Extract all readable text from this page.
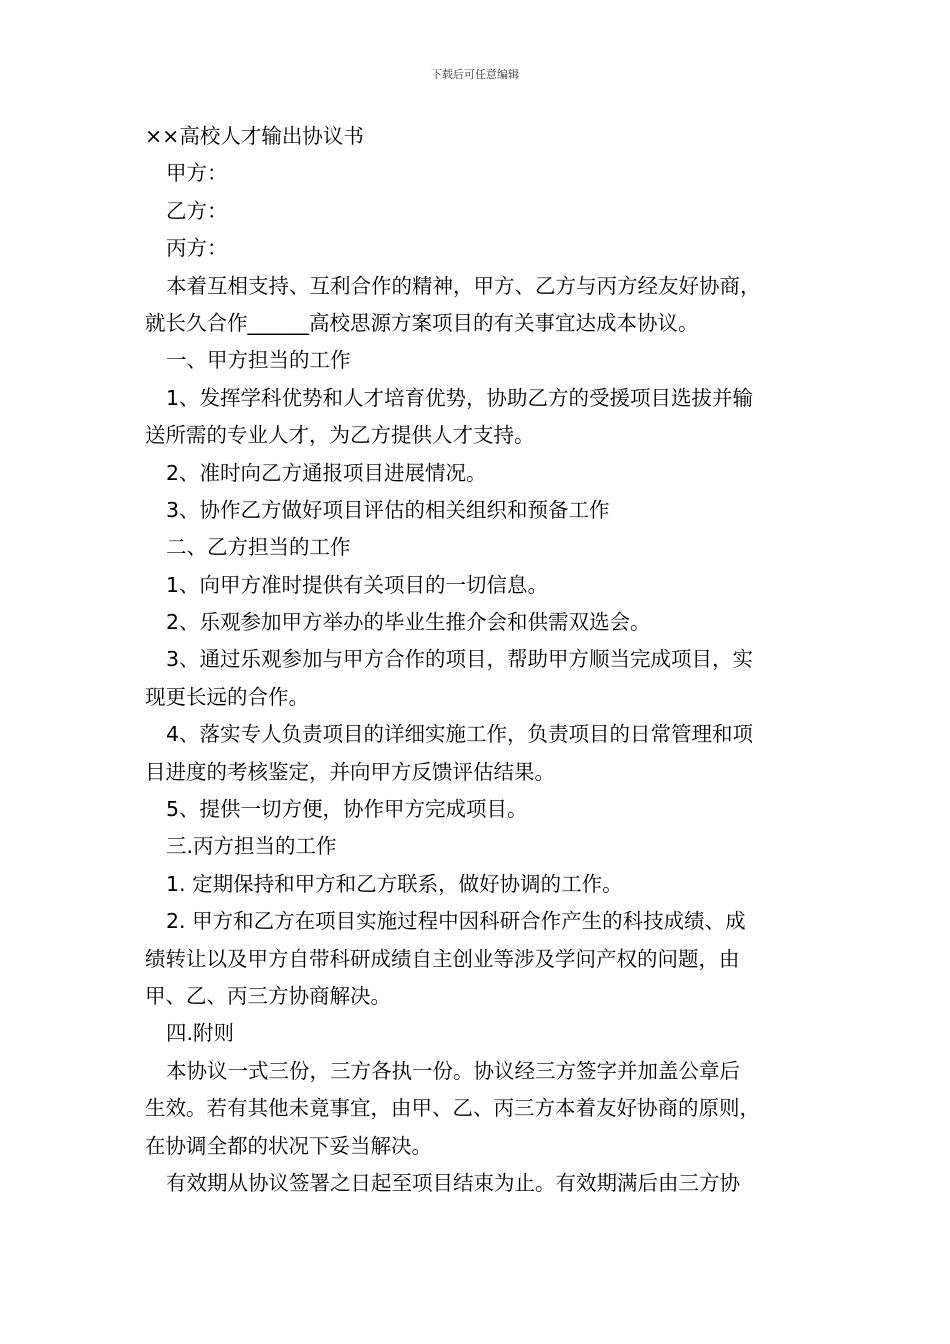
下载后可任意编辑
××高校人才输出协议书
甲方：
乙方：
丙方：
本着互相支持、互利合作的精神，甲方、乙方与丙方经友好协商，
就长久合作______高校思源方案项目的有关事宜达成本协议。
一、甲方担当的工作
1、发挥学科优势和人才培育优势，协助乙方的受援项目选拔并输
送所需的专业人才，为乙方提供人才支持。
2、准时向乙方通报项目进展情况。
3、协作乙方做好项目评估的相关组织和预备工作
二、乙方担当的工作
1、向甲方准时提供有关项目的一切信息。
2、乐观参加甲方举办的毕业生推介会和供需双选会。
3、通过乐观参加与甲方合作的项目，帮助甲方顺当完成项目，实
现更长远的合作。
4、落实专人负责项目的详细实施工作，负责项目的日常管理和项
目进度的考核鉴定，并向甲方反馈评估结果。
5、提供一切方便，协作甲方完成项目。
三.丙方担当的工作
1. 定期保持和甲方和乙方联系，做好协调的工作。
2. 甲方和乙方在项目实施过程中因科研合作产生的科技成绩、成
绩转让以及甲方自带科研成绩自主创业等涉及学问产权的问题，由
甲、乙、丙三方协商解决。
四.附则
本协议一式三份，三方各执一份。协议经三方签字并加盖公章后
生效。若有其他未竟事宜，由甲、乙、丙三方本着友好协商的原则，
在协调全都的状况下妥当解决。
有效期从协议签署之日起至项目结束为止。有效期满后由三方协
